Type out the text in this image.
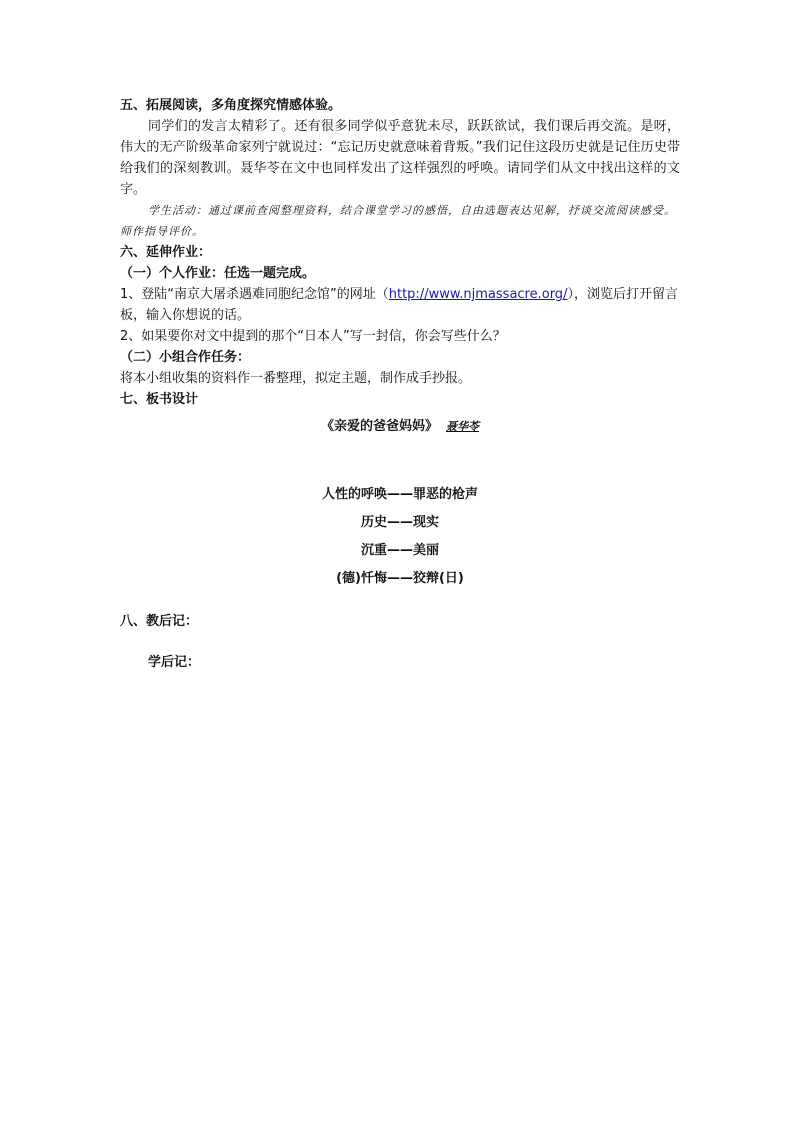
五、拓展阅读，多角度探究情感体验。
同学们的发言太精彩了。还有很多同学似乎意犹未尽，跃跃欲试，我们课后再交流。是呀，伟大的无产阶级革命家列宁就说过：“忘记历史就意味着背叛。”我们记住这段历史就是记住历史带给我们的深刻教训。聂华苓在文中也同样发出了这样强烈的呼唤。请同学们从文中找出这样的文字。
学生活动：通过课前查阅整理资料，结合课堂学习的感悟，自由选题表达见解，抒谈交流阅读感受。师作指导评价。
六、延伸作业：
（一）个人作业：任选一题完成。
1、登陆“南京大屠杀遇难同胞纪念馆”的网址（http://www.njmassacre.org/），浏览后打开留言
板，输入你想说的话。
2、如果要你对文中提到的那个“日本人”写一封信，你会写些什么？
（二）小组合作任务：
将本小组收集的资料作一番整理，拟定主题，制作成手抄报。
七、板书设计
《亲爱的爸爸妈妈》 聂华苓
人性的呼唤——罪恶的枪声
历史——现实
沉重——美丽
(德)忏悔——狡辩(日)
八、教后记：
学后记：
